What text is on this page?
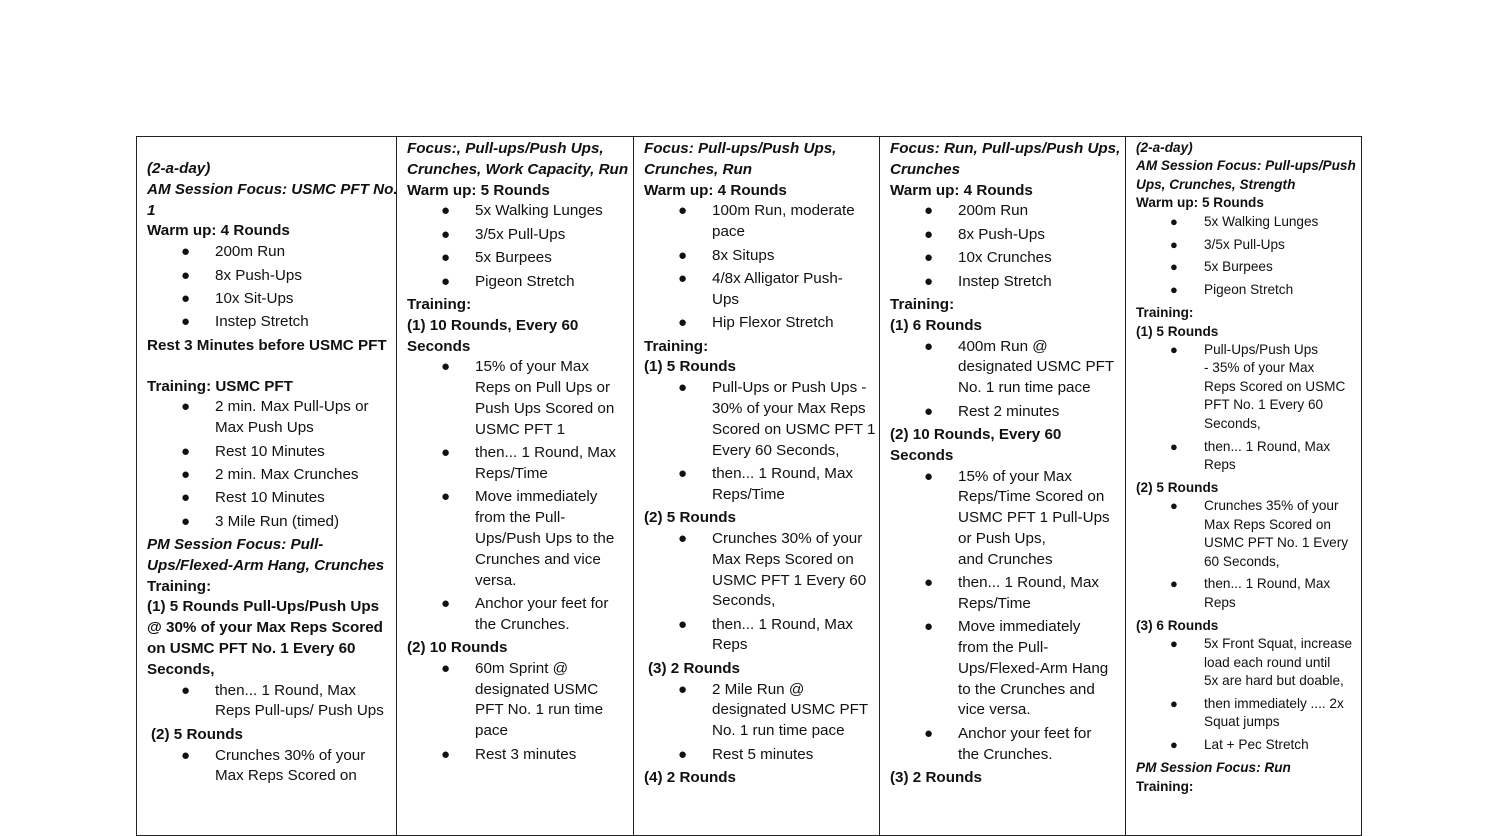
(2-a-day)
AM Session Focus: USMC PFT No.
1
Warm up: 4 Rounds
● 200m Run
● 8x Push-Ups
● 10x Sit-Ups
● Instep Stretch
Rest 3 Minutes before USMC PFT
Training: USMC PFT
● 2 min. Max Pull-Ups or
Max Push Ups
● Rest 10 Minutes
● 2 min. Max Crunches
● Rest 10 Minutes
● 3 Mile Run (timed)
PM Session Focus: Pull-
Ups/Flexed-Arm Hang, Crunches
Training:
(1) 5 Rounds Pull-Ups/Push Ups
@ 30% of your Max Reps Scored
on USMC PFT No. 1 Every 60
Seconds,
● then... 1 Round, Max
Reps Pull-ups/ Push Ups
(2) 5 Rounds
● Crunches 30% of your
Max Reps Scored on
Focus:, Pull-ups/Push Ups,
Crunches, Work Capacity, Run
Warm up: 5 Rounds
● 5x Walking Lunges
● 3/5x Pull-Ups
● 5x Burpees
● Pigeon Stretch
Training:
(1) 10 Rounds, Every 60
Seconds
● 15% of your Max
Reps on Pull Ups or
Push Ups Scored on
USMC PFT 1
● then... 1 Round, Max
Reps/Time
● Move immediately
from the Pull-
Ups/Push Ups to the
Crunches and vice
versa.
● Anchor your feet for
the Crunches.
(2) 10 Rounds
● 60m Sprint @
designated USMC
PFT No. 1 run time
pace
● Rest 3 minutes
Focus: Pull-ups/Push Ups,
Crunches, Run
Warm up: 4 Rounds
● 100m Run, moderate
pace
● 8x Situps
● 4/8x Alligator Push-
Ups
● Hip Flexor Stretch
Training:
(1) 5 Rounds
● Pull-Ups or Push Ups -
30% of your Max Reps
Scored on USMC PFT 1
Every 60 Seconds,
● then... 1 Round, Max
Reps/Time
(2) 5 Rounds
● Crunches 30% of your
Max Reps Scored on
USMC PFT 1 Every 60
Seconds,
● then... 1 Round, Max
Reps
(3) 2 Rounds
● 2 Mile Run @
designated USMC PFT
No. 1 run time pace
● Rest 5 minutes
(4) 2 Rounds
Focus: Run, Pull-ups/Push Ups,
Crunches
Warm up: 4 Rounds
● 200m Run
● 8x Push-Ups
● 10x Crunches
● Instep Stretch
Training:
(1) 6 Rounds
● 400m Run @
designated USMC PFT
No. 1 run time pace
● Rest 2 minutes
(2) 10 Rounds, Every 60
Seconds
● 15% of your Max
Reps/Time Scored on
USMC PFT 1 Pull-Ups
or Push Ups,
and Crunches
● then... 1 Round, Max
Reps/Time
● Move immediately
from the Pull-
Ups/Flexed-Arm Hang
to the Crunches and
vice versa.
● Anchor your feet for
the Crunches.
(3) 2 Rounds
(2-a-day)
AM Session Focus: Pull-ups/Push
Ups, Crunches, Strength
Warm up: 5 Rounds
● 5x Walking Lunges
● 3/5x Pull-Ups
● 5x Burpees
● Pigeon Stretch
Training:
(1) 5 Rounds
● Pull-Ups/Push Ups
- 35% of your Max
Reps Scored on USMC
PFT No. 1 Every 60
Seconds,
● then... 1 Round, Max
Reps
(2) 5 Rounds
● Crunches 35% of your
Max Reps Scored on
USMC PFT No. 1 Every
60 Seconds,
● then... 1 Round, Max
Reps
(3) 6 Rounds
● 5x Front Squat, increase
load each round until
5x are hard but doable,
● then immediately .... 2x
Squat jumps
● Lat + Pec Stretch
PM Session Focus: Run
Training:
